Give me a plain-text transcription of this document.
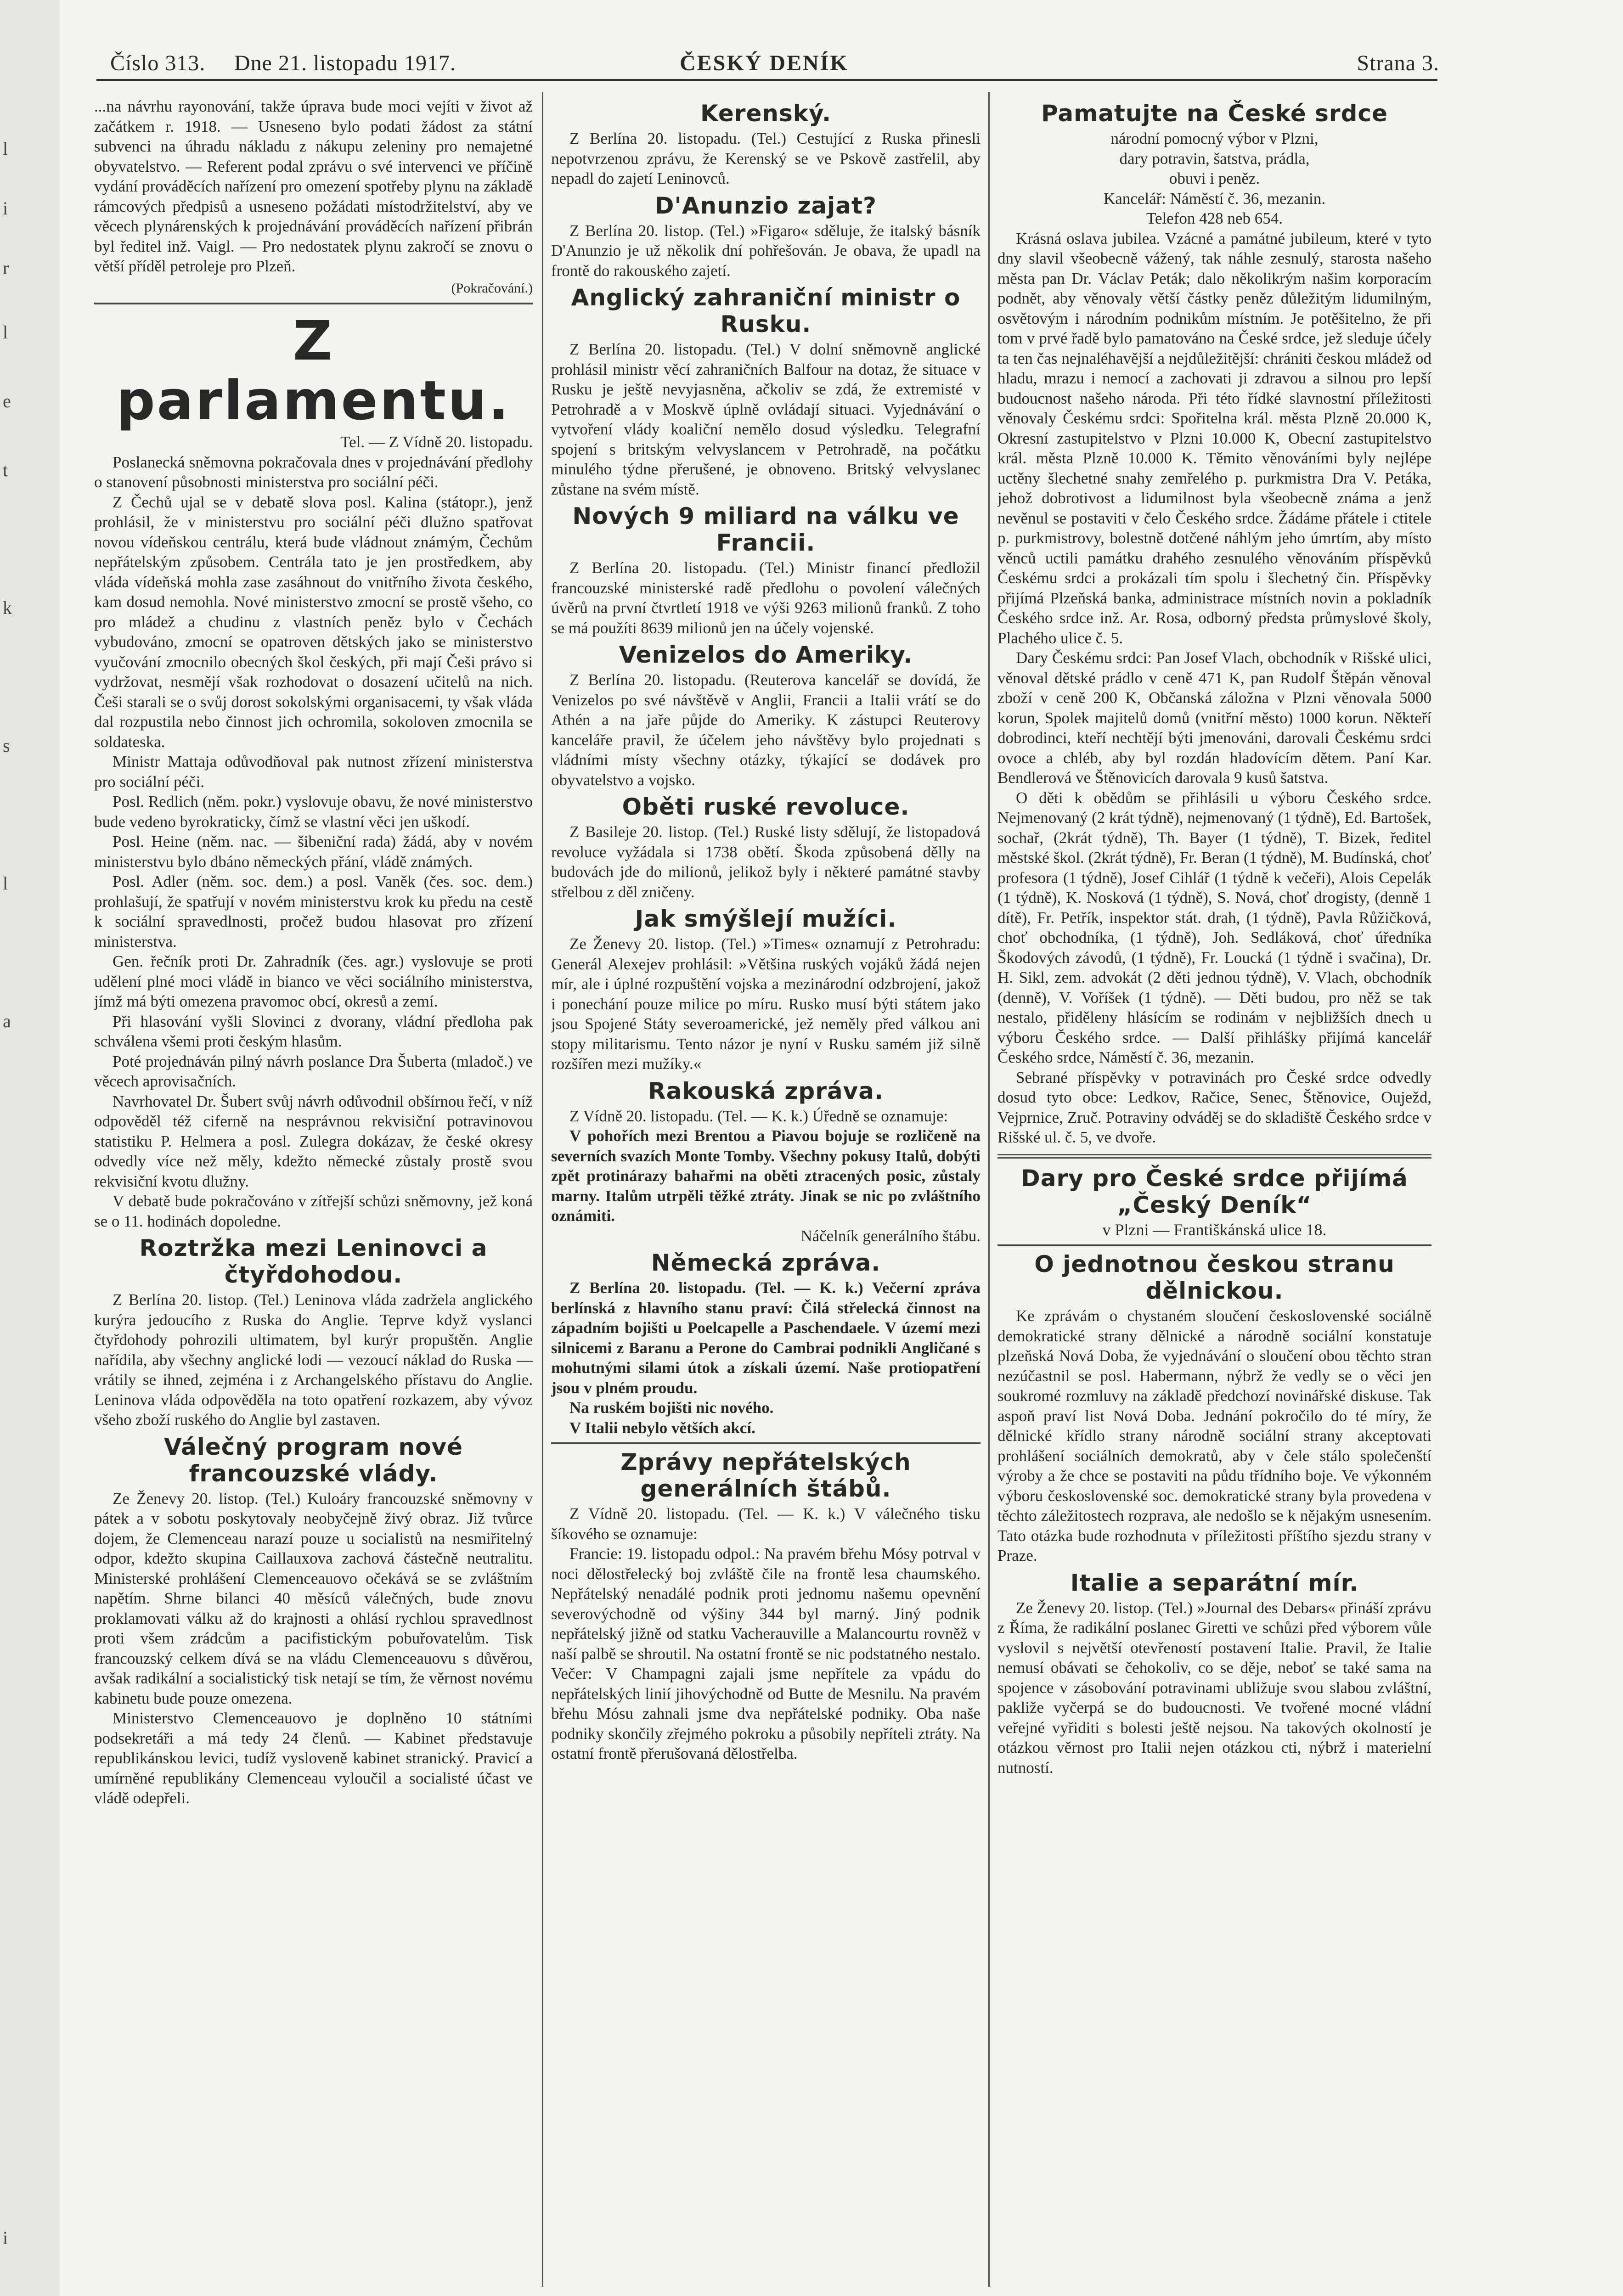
l
i
r
l
e
t
k
s
l
a
i
Číslo 313. Dne 21. listopadu 1917.	ČESKÝ DENÍK	Strana 3.

...na návrhu rayonování, takže úprava bude moci vejíti v život až začátkem r. 1918. — Usneseno bylo podati žádost za státní subvenci na úhradu nákladu z nákupu zeleniny pro nemajetné obyvatelstvo. — Referent podal zprávu o své intervenci ve příčině vydání prováděcích nařízení pro omezení spotřeby plynu na základě rámcových předpisů a usneseno požádati místodržitelství, aby ve věcech plynárenských k projednávání prováděcích nařízení přibrán byl ředitel inž. Vaigl. — Pro nedostatek plynu zakročí se znovu o větší příděl petroleje pro Plzeň.

(Pokračování.)
Z parlamentu.

Tel. — Z Vídně 20. listopadu.

Poslanecká sněmovna pokračovala dnes v projednávání předlohy o stanovení působnosti ministerstva pro sociální péči.

Z Čechů ujal se v debatě slova posl. Kalina (státopr.), jenž prohlásil, že v ministerstvu pro sociální péči dlužno spatřovat novou vídeňskou centrálu, která bude vládnout známým, Čechům nepřátelským způsobem. Centrála tato je jen prostředkem, aby vláda vídeňská mohla zase zasáhnout do vnitřního života českého, kam dosud nemohla. Nové ministerstvo zmocní se prostě všeho, co pro mládež a chudinu z vlastních peněz bylo v Čechách vybudováno, zmocní se opatroven dětských jako se ministerstvo vyučování zmocnilo obecných škol českých, při mají Češi právo si vydržovat, nesmějí však rozhodovat o dosazení učitelů na nich. Češi starali se o svůj dorost sokolskými organisacemi, ty však vláda dal rozpustila nebo činnost jich ochromila, sokoloven zmocnila se soldateska.

Ministr Mattaja odůvodňoval pak nutnost zřízení ministerstva pro sociální péči.

Posl. Redlich (něm. pokr.) vyslovuje obavu, že nové ministerstvo bude vedeno byrokraticky, čímž se vlastní věci jen uškodí.

Posl. Heine (něm. nac. — šibeniční rada) žádá, aby v novém ministerstvu bylo dbáno německých přání, vládě známých.

Posl. Adler (něm. soc. dem.) a posl. Vaněk (čes. soc. dem.) prohlašují, že spatřují v novém ministerstvu krok ku předu na cestě k sociální spravedlnosti, pročež budou hlasovat pro zřízení ministerstva.

Gen. řečník proti Dr. Zahradník (čes. agr.) vyslovuje se proti udělení plné moci vládě in bianco ve věci sociálního ministerstva, jímž má býti omezena pravomoc obcí, okresů a zemí.

Při hlasování vyšli Slovinci z dvorany, vládní předloha pak schválena všemi proti českým hlasům.

Poté projednáván pilný návrh poslance Dra Šuberta (mladoč.) ve věcech aprovisačních.

Navrhovatel Dr. Šubert svůj návrh odůvodnil obšírnou řečí, v níž odpověděl též ciferně na nesprávnou rekvisiční potravinovou statistiku P. Helmera a posl. Zulegra dokázav, že české okresy odvedly více než měly, kdežto německé zůstaly prostě svou rekvisiční kvotu dlužny.

V debatě bude pokračováno v zítřejší schůzi sněmovny, jež koná se o 11. hodinách dopoledne.

Roztržka mezi Leninovci a čtyřdohodou.

Z Berlína 20. listop. (Tel.) Leninova vláda zadržela anglického kurýra jedoucího z Ruska do Anglie. Teprve když vyslanci čtyřdohody pohrozili ultimatem, byl kurýr propuštěn. Anglie nařídila, aby všechny anglické lodi — vezoucí náklad do Ruska — vrátily se ihned, zejména i z Archangelského přístavu do Anglie. Leninova vláda odpověděla na toto opatření rozkazem, aby vývoz všeho zboží ruského do Anglie byl zastaven.

Válečný program nové francouzské vlády.

Ze Ženevy 20. listop. (Tel.) Kuloáry francouzské sněmovny v pátek a v sobotu poskytovaly neobyčejně živý obraz. Již tvůrce dojem, že Clemenceau narazí pouze u socialistů na nesmiřitelný odpor, kdežto skupina Caillauxova zachová částečně neutralitu. Ministerské prohlášení Clemenceauovo očekává se se zvláštním napětím. Shrne bilanci 40 měsíců válečných, bude znovu proklamovati válku až do krajnosti a ohlásí rychlou spravedlnost proti všem zrádcům a pacifistickým pobuřovatelům. Tisk francouzský celkem dívá se na vládu Clemenceauovu s důvěrou, avšak radikální a socialistický tisk netají se tím, že věrnost novému kabinetu bude pouze omezena.

Ministerstvo Clemenceauovo je doplněno 10 státními podsekretáři a má tedy 24 členů. — Kabinet představuje republikánskou levici, tudíž vysloveně kabinet stranický. Pravicí a umírněné republikány Clemenceau vyloučil a socialisté účast ve vládě odepřeli.

Kerenský.

Z Berlína 20. listopadu. (Tel.) Cestující z Ruska přinesli nepotvrzenou zprávu, že Kerenský se ve Pskově zastřelil, aby nepadl do zajetí Leninovců.

D'Anunzio zajat?

Z Berlína 20. listop. (Tel.) »Figaro« sděluje, že italský básník D'Anunzio je už několik dní pohřešován. Je obava, že upadl na frontě do rakouského zajetí.

Anglický zahraniční ministr o Rusku.

Z Berlína 20. listopadu. (Tel.) V dolní sněmovně anglické prohlásil ministr věcí zahraničních Balfour na dotaz, že situace v Rusku je ještě nevyjasněna, ačkoliv se zdá, že extremisté v Petrohradě a v Moskvě úplně ovládají situaci. Vyjednávání o vytvoření vlády koaliční nemělo dosud výsledku. Telegrafní spojení s britským velvyslancem v Petrohradě, na počátku minulého týdne přerušené, je obnoveno. Britský velvyslanec zůstane na svém místě.

Nových 9 miliard na válku ve Francii.

Z Berlína 20. listopadu. (Tel.) Ministr financí předložil francouzské ministerské radě předlohu o povolení válečných úvěrů na první čtvrtletí 1918 ve výši 9263 milionů franků. Z toho se má použíti 8639 milionů jen na účely vojenské.

Venizelos do Ameriky.

Z Berlína 20. listopadu. (Reuterova kancelář se dovídá, že Venizelos po své návštěvě v Anglii, Francii a Italii vrátí se do Athén a na jaře půjde do Ameriky. K zástupci Reuterovy kanceláře pravil, že účelem jeho návštěvy bylo projednati s vládními místy všechny otázky, týkající se dodávek pro obyvatelstvo a vojsko.

Oběti ruské revoluce.

Z Basileje 20. listop. (Tel.) Ruské listy sdělují, že listopadová revoluce vyžádala si 1738 obětí. Škoda způsobená dělly na budovách jde do milionů, jelikož byly i některé památné stavby střelbou z děl zničeny.

Jak smýšlejí mužíci.

Ze Ženevy 20. listop. (Tel.) »Times« oznamují z Petrohradu: Generál Alexejev prohlásil: »Většina ruských vojáků žádá nejen mír, ale i úplné rozpuštění vojska a mezinárodní odzbrojení, jakož i ponechání pouze milice po míru. Rusko musí býti státem jako jsou Spojené Státy severoamerické, jež neměly před válkou ani stopy militarismu. Tento názor je nyní v Rusku samém již silně rozšířen mezi mužíky.«

Rakouská zpráva.

Z Vídně 20. listopadu. (Tel. — K. k.) Úředně se oznamuje:

V pohořích mezi Brentou a Piavou bojuje se rozličeně na severních svazích Monte Tomby. Všechny pokusy Italů, dobýti zpět protinárazy bahařmi na oběti ztracených posic, zůstaly marny. Italům utrpěli těžké ztráty. Jinak se nic po zvláštního oznámiti.

Náčelník generálního štábu.

Německá zpráva.

Z Berlína 20. listopadu. (Tel. — K. k.) Večerní zpráva berlínská z hlavního stanu praví: Čilá střelecká činnost na západním bojišti u Poelcapelle a Paschendaele. V území mezi silnicemi z Baranu a Perone do Cambrai podnikli Angličané s mohutnými silami útok a získali území. Naše protiopatření jsou v plném proudu.

Na ruském bojišti nic nového.

V Italii nebylo větších akcí.

Zprávy nepřátelských generálních štábů.

Z Vídně 20. listopadu. (Tel. — K. k.) V válečného tisku šíkového se oznamuje:

Francie: 19. listopadu odpol.: Na pravém břehu Mósy potrval v noci dělostřelecký boj zvláště čile na frontě lesa chaumského. Nepřátelský nenadálé podnik proti jednomu našemu opevnění severovýchodně od výšiny 344 byl marný. Jiný podnik nepřátelský jižně od statku Vacherauville a Malancourtu rovněž v naší palbě se shroutil. Na ostatní frontě se nic podstatného nestalo. Večer: V Champagni zajali jsme nepřítele za vpádu do nepřátelských linií jihovýchodně od Butte de Mesnilu. Na pravém břehu Mósu zahnali jsme dva nepřátelské podniky. Oba naše podniky skončily zřejmého pokroku a působily nepříteli ztráty. Na ostatní frontě přerušovaná dělostřelba.

Pamatujte na České srdce

národní pomocný výbor v Plzni,

dary potravin, šatstva, prádla,

obuvi i peněz.

Kancelář: Náměstí č. 36, mezanin.

Telefon 428 neb 654.

Krásná oslava jubilea. Vzácné a památné jubileum, které v tyto dny slavil všeobecně vážený, tak náhle zesnulý, starosta našeho města pan Dr. Václav Peták; dalo několikrým našim korporacím podnět, aby věnovaly větší částky peněz důležitým lidumilným, osvětovým i národním podnikům místním. Je potěšitelno, že při tom v prvé řadě bylo pamatováno na České srdce, jež sleduje účely ta ten čas nejnaléhavější a nejdůležitější: chrániti českou mládež od hladu, mrazu i nemocí a zachovati ji zdravou a silnou pro lepší budoucnost našeho národa. Při této řídké slavnostní příležitosti věnovaly Českému srdci: Spořitelna král. města Plzně 20.000 K, Okresní zastupitelstvo v Plzni 10.000 K, Obecní zastupitelstvo král. města Plzně 10.000 K. Těmito věnováními byly nejlépe uctěny šlechetné snahy zemřelého p. purkmistra Dra V. Petáka, jehož dobrotivost a lidumilnost byla všeobecně známa a jenž nevěnul se postaviti v čelo Českého srdce. Žádáme přátele i ctitele p. purkmistrovy, bolestně dotčené náhlým jeho úmrtím, aby místo věnců uctili památku drahého zesnulého věnováním příspěvků Českému srdci a prokázali tím spolu i šlechetný čin. Příspěvky přijímá Plzeňská banka, administrace místních novin a pokladník Českého srdce inž. Ar. Rosa, odborný předsta průmyslové školy, Plachého ulice č. 5.

Dary Českému srdci: Pan Josef Vlach, obchodník v Rišské ulici, věnoval dětské prádlo v ceně 471 K, pan Rudolf Štěpán věnoval zboží v ceně 200 K, Občanská záložna v Plzni věnovala 5000 korun, Spolek majitelů domů (vnitřní město) 1000 korun. Někteří dobrodinci, kteří nechtějí býti jmenováni, darovali Českému srdci ovoce a chléb, aby byl rozdán hladovícím dětem. Paní Kar. Bendlerová ve Štěnovicích darovala 9 kusů šatstva.

O děti k obědům se přihlásili u výboru Českého srdce. Nejmenovaný (2 krát týdně), nejmenovaný (1 týdně), Ed. Bartošek, sochař, (2krát týdně), Th. Bayer (1 týdně), T. Bizek, ředitel městské škol. (2krát týdně), Fr. Beran (1 týdně), M. Budínská, choť profesora (1 týdně), Josef Cihlář (1 týdně k večeři), Alois Cepelák (1 týdně), K. Nosková (1 týdně), S. Nová, choť drogisty, (denně 1 dítě), Fr. Petřík, inspektor stát. drah, (1 týdně), Pavla Růžičková, choť obchodníka, (1 týdně), Joh. Sedláková, choť úředníka Škodových závodů, (1 týdně), Fr. Loucká (1 týdně i svačina), Dr. H. Sikl, zem. advokát (2 děti jednou týdně), V. Vlach, obchodník (denně), V. Voříšek (1 týdně). — Děti budou, pro něž se tak nestalo, přiděleny hlásícím se rodinám v nejbližších dnech u výboru Českého srdce. — Další přihlášky přijímá kancelář Českého srdce, Náměstí č. 36, mezanin.

Sebrané příspěvky v potravinách pro České srdce odvedly dosud tyto obce: Ledkov, Račice, Senec, Štěnovice, Ouježd, Vejprnice, Zruč. Potraviny odváděj se do skladiště Českého srdce v Rišské ul. č. 5, ve dvoře.

Dary pro České srdce přijímá „Český Deník“

v Plzni — Františkánská ulice 18.

O jednotnou českou stranu dělnickou.

Ke zprávám o chystaném sloučení československé sociálně demokratické strany dělnické a národně sociální konstatuje plzeňská Nová Doba, že vyjednávání o sloučení obou těchto stran nezúčastnil se posl. Habermann, nýbrž že vedly se o věci jen soukromé rozmluvy na základě předchozí novinářské diskuse. Tak aspoň praví list Nová Doba. Jednání pokročilo do té míry, že dělnické křídlo strany národně sociální strany akceptovati prohlášení sociálních demokratů, aby v čele stálo společenští výroby a že chce se postaviti na půdu třídního boje. Ve výkonném výboru československé soc. demokratické strany byla provedena v těchto záležitostech rozprava, ale nedošlo se k nějakým usnesením. Tato otázka bude rozhodnuta v příležitosti příštího sjezdu strany v Praze.

Italie a separátní mír.

Ze Ženevy 20. listop. (Tel.) »Journal des Debars« přináší zprávu z Říma, že radikální poslanec Giretti ve schůzi před výborem vůle vyslovil s největší otevřeností postavení Italie. Pravil, že Italie nemusí obávati se čehokoliv, co se děje, neboť se také sama na spojence v zásobování potravinami ubližuje svou slabou zvláštní, pakliže vyčerpá se do budoucnosti. Ve tvořené mocné vládní veřejné vyřiditi s bolesti ještě nejsou. Na takových okolností je otázkou věrnost pro Italii nejen otázkou cti, nýbrž i materielní nutností.
